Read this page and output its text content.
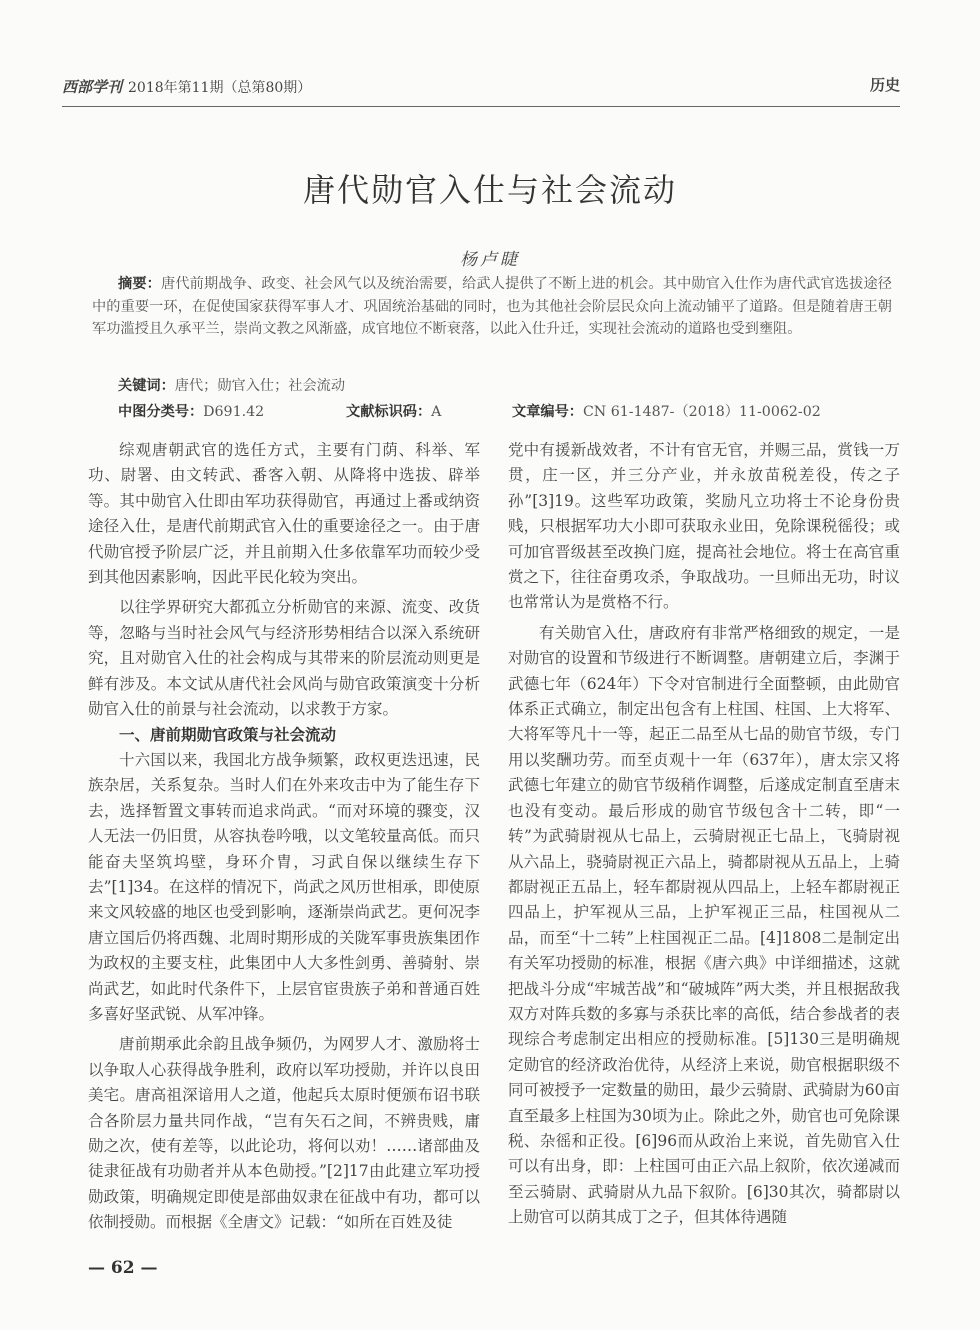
西部学刊 2018年第11期（总第80期）	历史
唐代勋官入仕与社会流动
杨卢睫
摘要：唐代前期战争、政变、社会风气以及统治需要，给武人提供了不断上进的机会。其中勋官入仕作为唐代武官选拔途径中的重要一环，在促使国家获得军事人才、巩固统治基础的同时，也为其他社会阶层民众向上流动铺平了道路。但是随着唐王朝军功滥授且久承平兰，崇尚文教之风渐盛，成官地位不断衰落，以此入仕升迁，实现社会流动的道路也受到壅阻。
关键词：唐代；勋官入仕；社会流动
中图分类号：D691.42	文献标识码：A	文章编号：CN 61-1487-（2018）11-0062-02

综观唐朝武官的选任方式，主要有门荫、科举、军功、尉署、由文转武、番客入朝、从降将中选拔、辟举等。其中勋官入仕即由军功获得勋官，再通过上番或纳资途径入仕，是唐代前期武官入仕的重要途径之一。由于唐代勋官授予阶层广泛，并且前期入仕多依靠军功而较少受到其他因素影响，因此平民化较为突出。

以往学界研究大都孤立分析勋官的来源、流变、改货等，忽略与当时社会风气与经济形势相结合以深入系统研究，且对勋官入仕的社会构成与其带来的阶层流动则更是鲜有涉及。本文试从唐代社会风尚与勋官政策演变十分析勋官入仕的前景与社会流动，以求教于方家。

一、唐前期勋官政策与社会流动

十六国以来，我国北方战争频繁，政权更迭迅速，民族杂居，关系复杂。当时人们在外来攻击中为了能生存下去，选择暂置文事转而追求尚武。“而对环境的骤变，汉人无法一仍旧贯，从容执卷吟哦，以文笔较量高低。而只能奋夫坚筑坞壁，身环介胄，习武自保以继续生存下去”[1]34。在这样的情况下，尚武之风历世相承，即使原来文风较盛的地区也受到影响，逐渐崇尚武艺。更何况李唐立国后仍将西魏、北周时期形成的关陇军事贵族集团作为政权的主要支柱，此集团中人大多性剑勇、善骑射、崇尚武艺，如此时代条件下，上层官宦贵族子弟和普通百姓多喜好坚武锐、从军冲锋。

唐前期承此余韵且战争频仍，为网罗人才、激励将士以争取人心获得战争胜利，政府以军功授勋，并许以良田美宅。唐高祖深谙用人之道，他起兵太原时便颁布诏书联合各阶层力量共同作战，“岂有矢石之间，不辨贵贱，庸勋之次，使有差等，以此论功，将何以劝！……诸部曲及徒隶征战有功勋者并从本色勋授。”[2]17由此建立军功授勋政策，明确规定即使是部曲奴隶在征战中有功，都可以依制授勋。而根据《全唐文》记载：“如所在百姓及徒

党中有援新战效者，不计有官无官，并赐三品，赏钱一万贯，庄一区，并三分产业，并永放苗税差役，传之子孙”[3]19。这些军功政策，奖励凡立功将士不论身份贵贱，只根据军功大小即可获取永业田，免除课税徭役；或可加官晋级甚至改换门庭，提高社会地位。将士在高官重赏之下，往往奋勇攻杀，争取战功。一旦师出无功，时议也常常认为是赏格不行。

有关勋官入仕，唐政府有非常严格细致的规定，一是对勋官的设置和节级进行不断调整。唐朝建立后，李渊于武德七年（624年）下令对官制进行全面整顿，由此勋官体系正式确立，制定出包含有上柱国、柱国、上大将军、大将军等凡十一等，起正二品至从七品的勋官节级，专门用以奖酬功劳。而至贞观十一年（637年），唐太宗又将武德七年建立的勋官节级稍作调整，后遂成定制直至唐末也没有变动。最后形成的勋官节级包含十二转，即“一转”为武骑尉视从七品上，云骑尉视正七品上，飞骑尉视从六品上，骁骑尉视正六品上，骑都尉视从五品上，上骑都尉视正五品上，轻车都尉视从四品上，上轻车都尉视正四品上，护军视从三品，上护军视正三品，柱国视从二品，而至“十二转”上柱国视正二品。[4]1808二是制定出有关军功授勋的标准，根据《唐六典》中详细描述，这就把战斗分成“牢城苦战”和“破城阵”两大类，并且根据敌我双方对阵兵数的多寡与杀获比率的高低，结合参战者的表现综合考虑制定出相应的授勋标准。[5]130三是明确规定勋官的经济政治优待，从经济上来说，勋官根据职级不同可被授予一定数量的勋田，最少云骑尉、武骑尉为60亩直至最多上柱国为30顷为止。除此之外，勋官也可免除课税、杂徭和正役。[6]96而从政治上来说，首先勋官入仕可以有出身，即：上柱国可由正六品上叙阶，依次递减而至云骑尉、武骑尉从九品下叙阶。[6]30其次，骑都尉以上勋官可以荫其成丁之子，但其体待遇随

— 62 —
